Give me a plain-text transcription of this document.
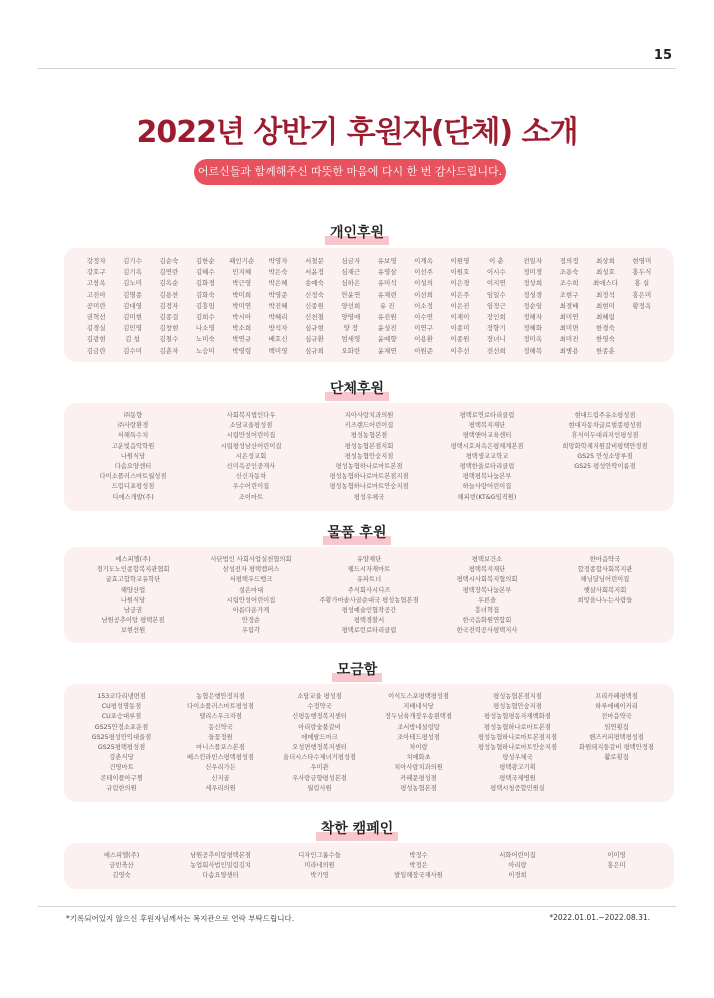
15
2022년 상반기 후원자(단체) 소개
어르신들과 함께해주신 따뜻한 마음에 다시 한 번 감사드립니다.
개인후원
강정자
강호구
고창옥
고진아
공미란
권혁선
김경실
김광현
김금란
김기수
김기옥
김노미
김명종
김대영
김미현
김민영
김 섭
김수미
김순숙
김연란
김옥순
김용찬
김정자
김종걸
김창현
김철수
김춘자
김한순
김혜수
김화경
김화숙
김흥임
김희수
나소영
노미숙
노승미
패인기순
민지혜
박근영
박미희
박미연
박시아
박소희
박연규
박영령
박영자
박은숙
박은혜
박영준
박진혜
박혜리
방석자
배호신
백미영
서철문
서윤정
송예숙
신정숙
신종원
신천철
심규현
심규환
심규희
심금자
심재근
심하은
안윤연
양선희
양영애
양 장
엄세영
오화란
유보영
유영삼
유미석
유재련
유 진
유진원
윤성진
윤예향
윤재연
이계옥
이선주
이성의
이선희
이소정
이수연
이연구
이용환
이원준
이원영
이원호
이은경
이은주
이은진
이재이
이종미
이종원
이추선
이 춘
이시수
이지연
임일수
임정근
장인희
장향기
장녀니
전선희
전일자
정미경
정상희
정성경
정순임
정해자
정혜화
정미옥
정해복
정의정
조용숙
조수희
조현구
최경배
최미연
최미면
최미진
최병용
최상희
최성호
최애스다
최정석
최현미
최혜림
한경숙
한영숙
한종훈
현영미
홍두식
홍 실
홍은미
황정옥

단체후원
㈜동향
㈜사랑환경
서해특수치
고운빛음악학원
나원식당
다솜요양센터
다이소플러스마트월성점
드림디포평성점
디에스개발(주)
사회복지법인다우
소담교울평성점
시립만성어린이집
시립평성남산어린이집
시온성교회
신미옥공인중개사
신신자동차
우수어린이집
조이마트
지아사랑치과의원
키즈랜드어린이집
평성농협본점
평성농협본점지회
평성농협안숭지점
평성농협하나로마트본점
평성농협하나로마트본점지점
평성농협하나로마트안숭지점
평성우체국
평택로연로타리클럽
평택복지재단
평택앤어교육센터
평택시호처속은평체계본점
평택생교교학교
평택한울로타리클럽
평택평복나눔본부
하늘사랑어린이집
해피빈(KT&G임직원)
현대드림주유소평성점
현대자동차글로벌종평성점
휴식이두대리지인평성점
희망화학재지원갈비평택안정점
GS25 안성소망루점
GS25 평성안딱이름점

물품 후원
에스피엘(주)
경기도노인종합복지관협회
굽효고합학교유학단
해양산업
나원식당
남궁권
남원공추이탕 평택본점
보현선원
사단법인 사회사업실천협의회
삼성전자 평택캠퍼스
서평택우드뱅크
설온마대
시립안성어린이집
아름다운가게
안정순
우림각
유양재단
웰드시자재마트
유파트너
주식회사시디즈
주황가마솥사골순대국 평성농협본점
평성예술인협작공간
평택경찰서
평택로런로타리클럽
평택보건소
평택복지재단
평택시사회복지협의회
평택장복나눔본부
우른솔
흥녀혁집
한국음화원연합회
한국전력공사평택지사
한마음약국
합정종합사회복지관
해님달님어린이집
햇살사회복지회
희망을나누는사람들

모금함
153코다리냉면점
CU평성명동점
CU포승대루점
GS25안정소포운점
GS25평성안익대울점
GS25평택평성점
강촌식당
건영마트
콘테이플아구찜
규림한의원
농협은행안정지점
다이소플러스마트평성점
델리스우크자점
동신약국
들꽃정원
마니스플포스본점
베스킨라빈스평택평성점
신우리가든
신지골
세우리의원
소담교울 평성점
수정약국
신평동행정복지센터
아리랑숯불갈비
에메랄드마크
오성면행정복지센터
올더시스타수제녀거평성점
우미관
우사랑금향평성본점
월림사원
이식도스포평택평성점
지배네식당
장두님육개장우송왼택점
조서방네설렁탕
조아테드평성점
차이랑
치예화초
치아사랑치과의원
카페문평성점
평성농협본점
평성농협본점지점
평성농협안숭지점
평성농협평동자재백화점
평성농협하나로마트본점
평성농협하나로마트본점지점
평성농협하나로마트안숭지점
평성우체국
평택광고기획
평택국제병원
평택시청증합민원실
프리카페평택점
하루에베이커리
전마음약국
임연횟집
핸즈커피평택평성점
화원돼지통갈비 평택안정점
활로횟집

착한 캠페인
에스피엘(주)
금빈축산
김영숙
남원공추이탕평택본점
농업회사법인밀림김치
다솜요양센터
디자인그룹수들
미라네의원
박기영
박정수
박정은
발일해장국재사원
서화어린이집
아리랑
이경희
이미영
홍은미

*기록되어있지 않으신 후원자님께서는 복지관으로 연락 부탁드립니다.	*2022.01.01.~2022.08.31.
